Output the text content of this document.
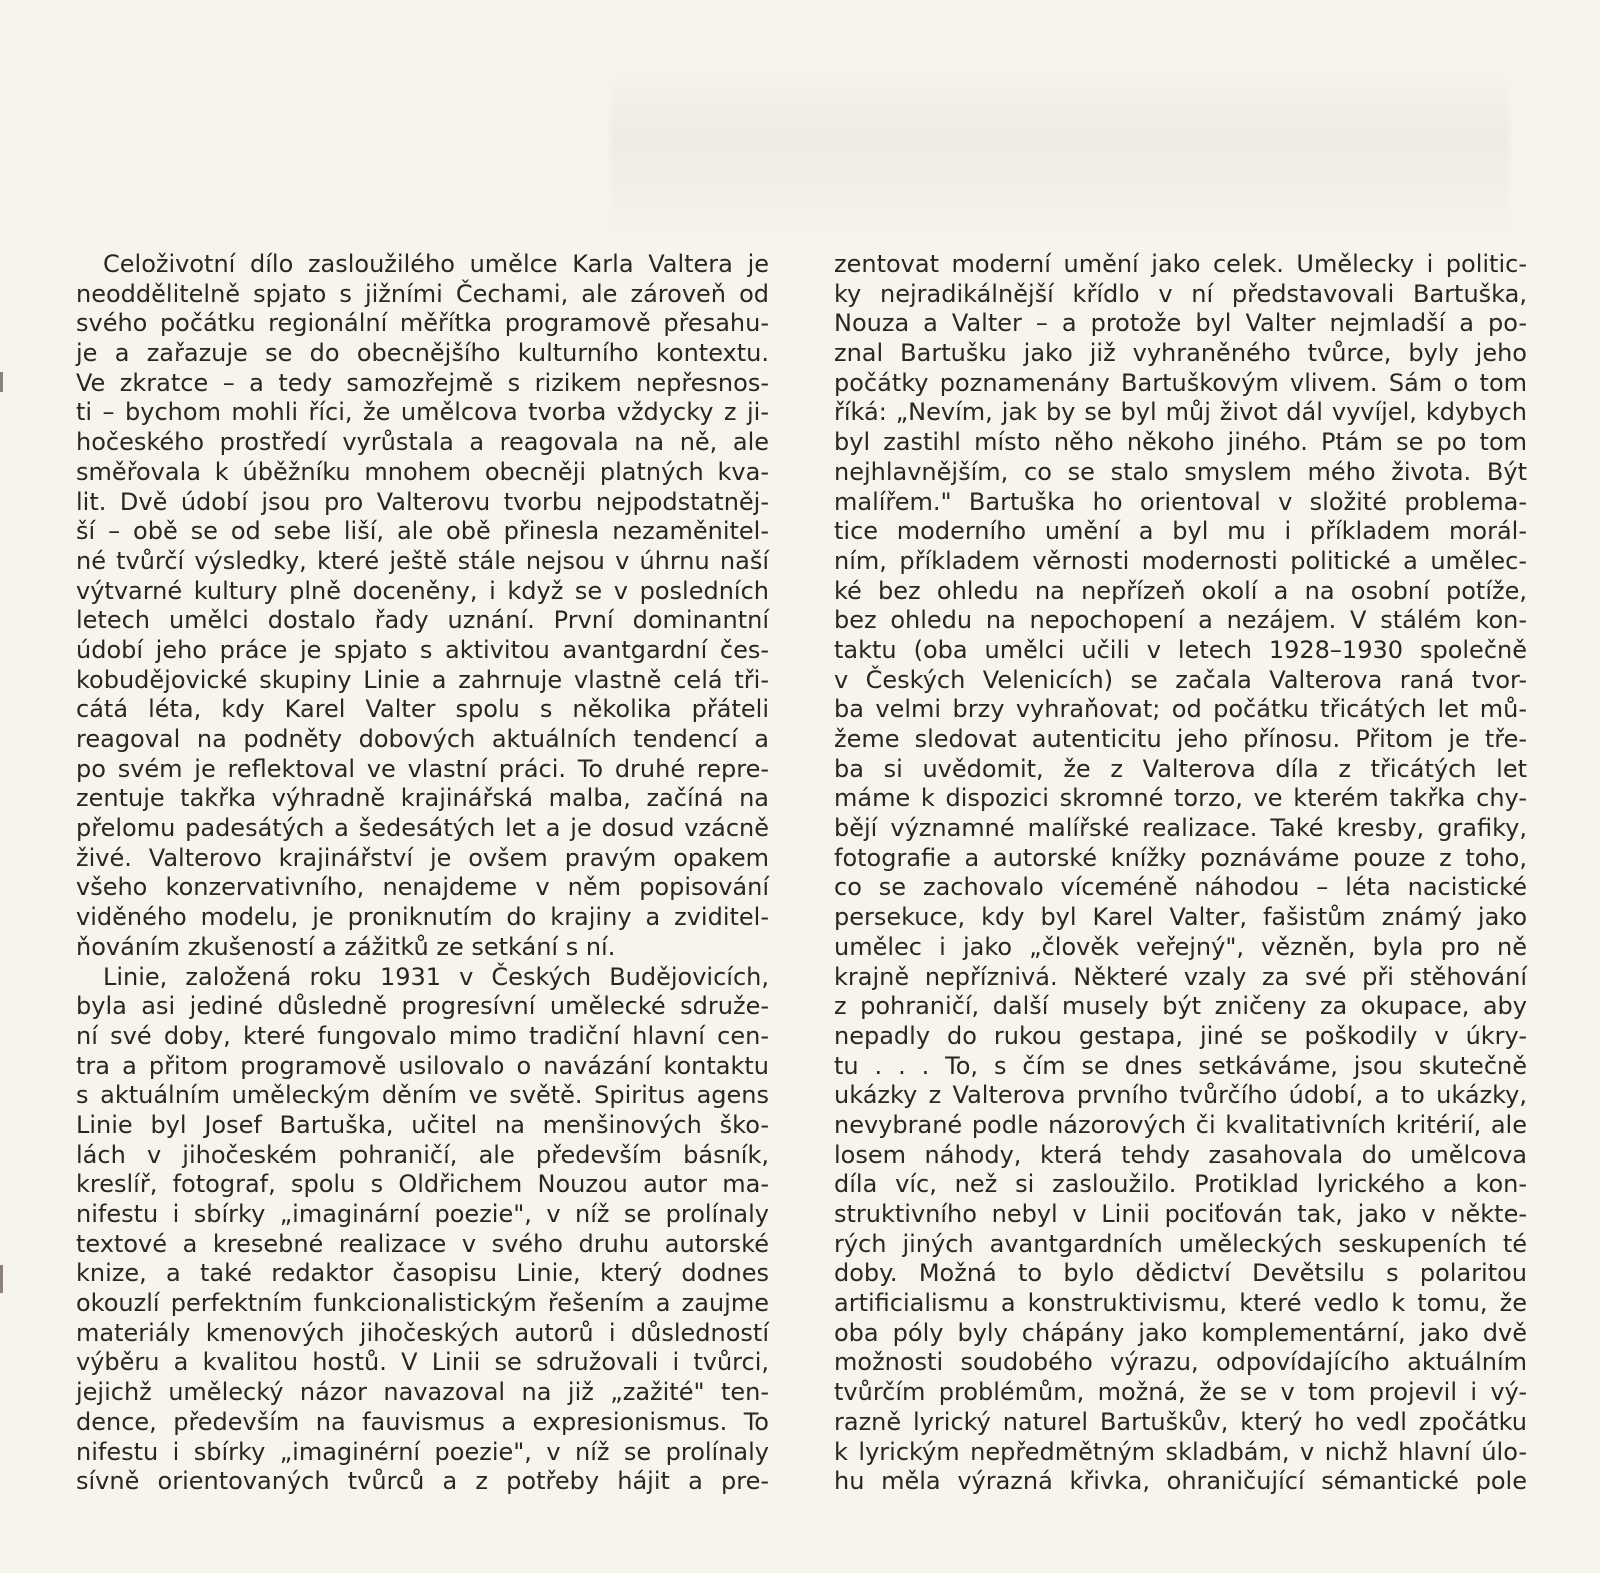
Celoživotní dílo zasloužilého umělce Karla Valtera je
neoddělitelně spjato s jižními Čechami, ale zároveň od
svého počátku regionální měřítka programově přesahu-
je a zařazuje se do obecnějšího kulturního kontextu.
Ve zkratce – a tedy samozřejmě s rizikem nepřesnos-
ti – bychom mohli říci, že umělcova tvorba vždycky z ji-
hočeského prostředí vyrůstala a reagovala na ně, ale
směřovala k úběžníku mnohem obecněji platných kva-
lit. Dvě údobí jsou pro Valterovu tvorbu nejpodstatněj-
ší – obě se od sebe liší, ale obě přinesla nezaměnitel-
né tvůrčí výsledky, které ještě stále nejsou v úhrnu naší
výtvarné kultury plně doceněny, i když se v posledních
letech umělci dostalo řady uznání. První dominantní
údobí jeho práce je spjato s aktivitou avantgardní čes-
kobudějovické skupiny Linie a zahrnuje vlastně celá tři-
cátá léta, kdy Karel Valter spolu s několika přáteli
reagoval na podněty dobových aktuálních tendencí a
po svém je reflektoval ve vlastní práci. To druhé repre-
zentuje takřka výhradně krajinářská malba, začíná na
přelomu padesátých a šedesátých let a je dosud vzácně
živé. Valterovo krajinářství je ovšem pravým opakem
všeho konzervativního, nenajdeme v něm popisování
viděného modelu, je proniknutím do krajiny a zviditel-
ňováním zkušeností a zážitků ze setkání s ní.
Linie, založená roku 1931 v Českých Budějovicích,
byla asi jediné důsledně progresívní umělecké sdruže-
ní své doby, které fungovalo mimo tradiční hlavní cen-
tra a přitom programově usilovalo o navázání kontaktu
s aktuálním uměleckým děním ve světě. Spiritus agens
Linie byl Josef Bartuška, učitel na menšinových ško-
lách v jihočeském pohraničí, ale především básník,
kreslíř, fotograf, spolu s Oldřichem Nouzou autor ma-
nifestu i sbírky „imaginární poezie", v níž se prolínaly
textové a kresebné realizace v svého druhu autorské
knize, a také redaktor časopisu Linie, který dodnes
okouzlí perfektním funkcionalistickým řešením a zaujme
materiály kmenových jihočeských autorů i důsledností
výběru a kvalitou hostů. V Linii se sdružovali i tvůrci,
jejichž umělecký názor navazoval na již „zažité" ten-
dence, především na fauvismus a expresionismus. To
nifestu i sbírky „imaginérní poezie", v níž se prolínaly
sívně orientovaných tvůrců a z potřeby hájit a pre-
zentovat moderní umění jako celek. Umělecky i politic-
ky nejradikálnější křídlo v ní představovali Bartuška,
Nouza a Valter – a protože byl Valter nejmladší a po-
znal Bartušku jako již vyhraněného tvůrce, byly jeho
počátky poznamenány Bartuškovým vlivem. Sám o tom
říká: „Nevím, jak by se byl můj život dál vyvíjel, kdybych
byl zastihl místo něho někoho jiného. Ptám se po tom
nejhlavnějším, co se stalo smyslem mého života. Být
malířem." Bartuška ho orientoval v složité problema-
tice moderního umění a byl mu i příkladem morál-
ním, příkladem věrnosti modernosti politické a umělec-
ké bez ohledu na nepřízeň okolí a na osobní potíže,
bez ohledu na nepochopení a nezájem. V stálém kon-
taktu (oba umělci učili v letech 1928–1930 společně
v Českých Velenicích) se začala Valterova raná tvor-
ba velmi brzy vyhraňovat; od počátku třicátých let mů-
žeme sledovat autenticitu jeho přínosu. Přitom je tře-
ba si uvědomit, že z Valterova díla z třicátých let
máme k dispozici skromné torzo, ve kterém takřka chy-
bějí významné malířské realizace. Také kresby, grafiky,
fotografie a autorské knížky poznáváme pouze z toho,
co se zachovalo víceméně náhodou – léta nacistické
persekuce, kdy byl Karel Valter, fašistům známý jako
umělec i jako „člověk veřejný", vězněn, byla pro ně
krajně nepříznivá. Některé vzaly za své při stěhování
z pohraničí, další musely být zničeny za okupace, aby
nepadly do rukou gestapa, jiné se poškodily v úkry-
tu . . . To, s čím se dnes setkáváme, jsou skutečně
ukázky z Valterova prvního tvůrčího údobí, a to ukázky,
nevybrané podle názorových či kvalitativních kritérií, ale
losem náhody, která tehdy zasahovala do umělcova
díla víc, než si zasloužilo. Protiklad lyrického a kon-
struktivního nebyl v Linii pociťován tak, jako v někte-
rých jiných avantgardních uměleckých seskupeních té
doby. Možná to bylo dědictví Devětsilu s polaritou
artificialismu a konstruktivismu, které vedlo k tomu, že
oba póly byly chápány jako komplementární, jako dvě
možnosti soudobého výrazu, odpovídajícího aktuálním
tvůrčím problémům, možná, že se v tom projevil i vý-
razně lyrický naturel Bartuškův, který ho vedl zpočátku
k lyrickým nepředmětným skladbám, v nichž hlavní úlo-
hu měla výrazná křivka, ohraničující sémantické pole
